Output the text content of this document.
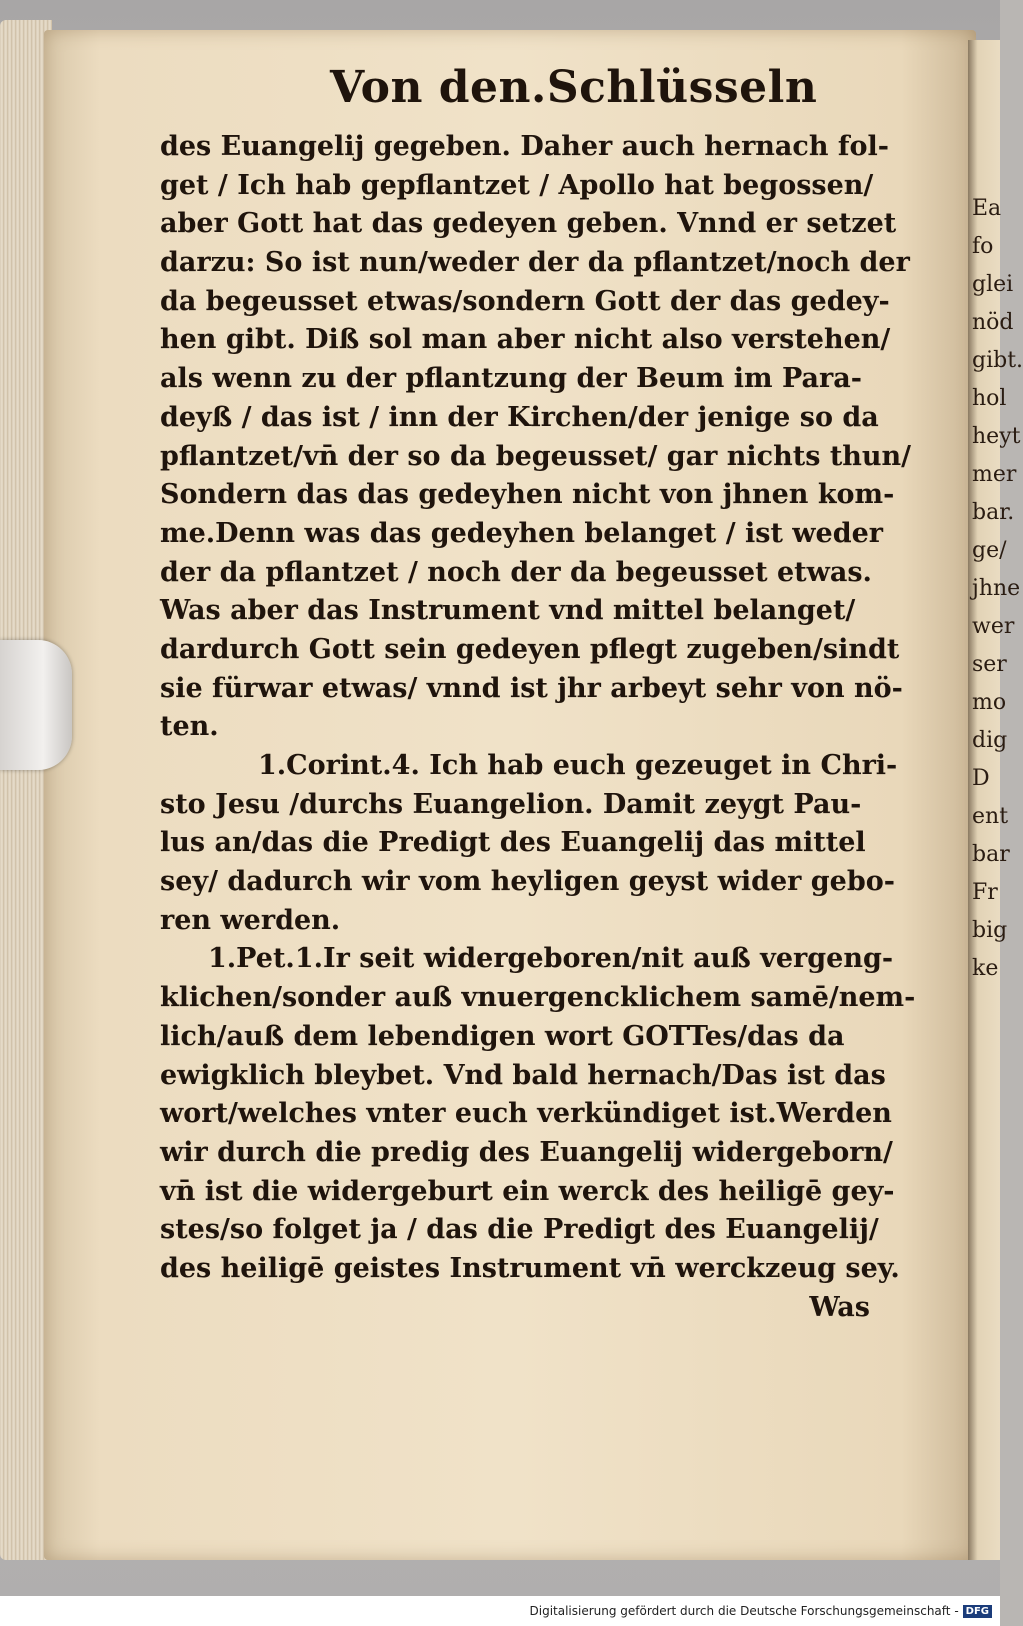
Ea
fo
glei
nöd
gibt.
hol
heyt
mer
bar.
ge/
jhne
wer
ser
mo
dig
D
ent
bar
Fr
big
ke
Von den.Schlüsseln
des Euangelij gegeben. Daher auch hernach fol-
get / Ich hab gepflantzet / Apollo hat begossen/
aber Gott hat das gedeyen geben. Vnnd er setzet
darzu: So ist nun/weder der da pflantzet/noch der
da begeusset etwas/sondern Gott der das gedey-
hen gibt. Diß sol man aber nicht also verstehen/
als wenn zu der pflantzung der Beum im Para-
deyß / das ist / inn der Kirchen/der jenige so da
pflantzet/vn̄ der so da begeusset/ gar nichts thun/
Sondern das das gedeyhen nicht von jhnen kom-
me.Denn was das gedeyhen belanget / ist weder
der da pflantzet / noch der da begeusset etwas.
Was aber das Instrument vnd mittel belanget/
dardurch Gott sein gedeyen pflegt zugeben/sindt
sie fürwar etwas/ vnnd ist jhr arbeyt sehr von nö-
ten.
1.Corint.4. Ich hab euch gezeuget in Chri-
sto Jesu /durchs Euangelion. Damit zeygt Pau-
lus an/das die Predigt des Euangelij das mittel
sey/ dadurch wir vom heyligen geyst wider gebo-
ren werden.
1.Pet.1.Ir seit widergeboren/nit auß vergeng-
klichen/sonder auß vnuergencklichem samē/nem-
lich/auß dem lebendigen wort GOTTes/das da
ewigklich bleybet. Vnd bald hernach/Das ist das
wort/welches vnter euch verkündiget ist.Werden
wir durch die predig des Euangelij widergeborn/
vn̄ ist die widergeburt ein werck des heiligē gey-
stes/so folget ja / das die Predigt des Euangelij/
des heiligē geistes Instrument vn̄ werckzeug sey.
Was
Digitalisierung gefördert durch die Deutsche Forschungsgemeinschaft - DFG
